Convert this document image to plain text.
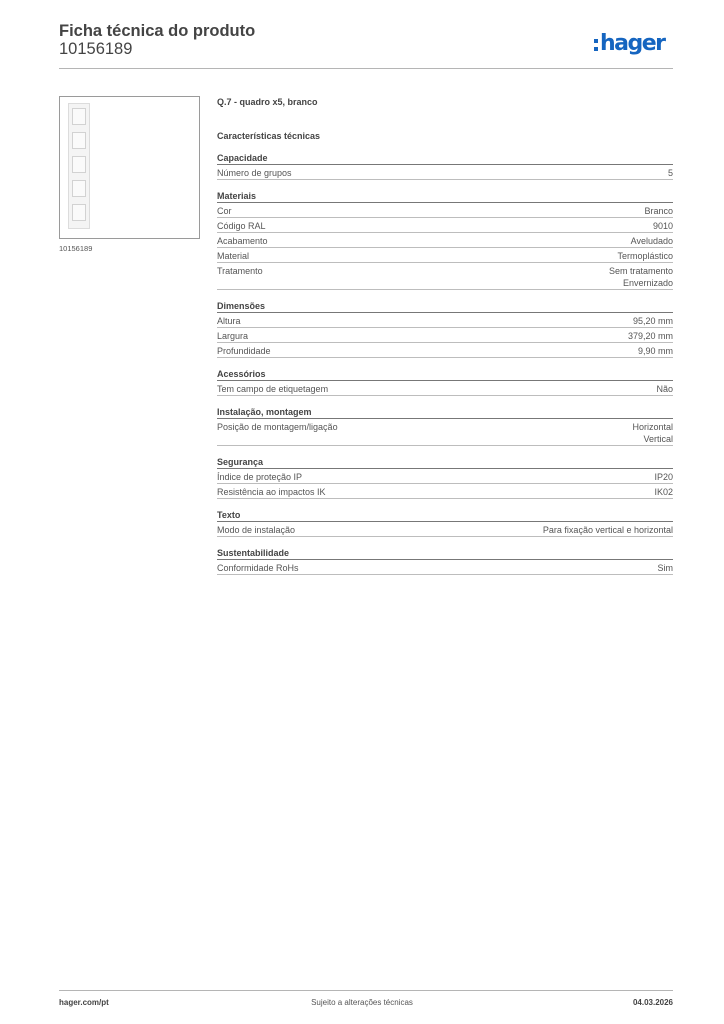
Ficha técnica do produto
10156189	hager
10156189
Q.7 - quadro x5, branco
Características técnicas
Capacidade
Número de grupos	5
Materiais
Cor	Branco
Código RAL	9010
Acabamento	Aveludado
Material	Termoplástico
Tratamento	Sem tratamento
Envernizado
Dimensões
Altura	95,20 mm
Largura	379,20 mm
Profundidade	9,90 mm
Acessórios
Tem campo de etiquetagem	Não
Instalação, montagem
Posição de montagem/ligação	Horizontal
Vertical
Segurança
Índice de proteção IP	IP20
Resistência ao impactos IK	IK02
Texto
Modo de instalação	Para fixação vertical e horizontal
Sustentabilidade
Conformidade RoHs	Sim
hager.com/pt	Sujeito a alterações técnicas	04.03.2026
